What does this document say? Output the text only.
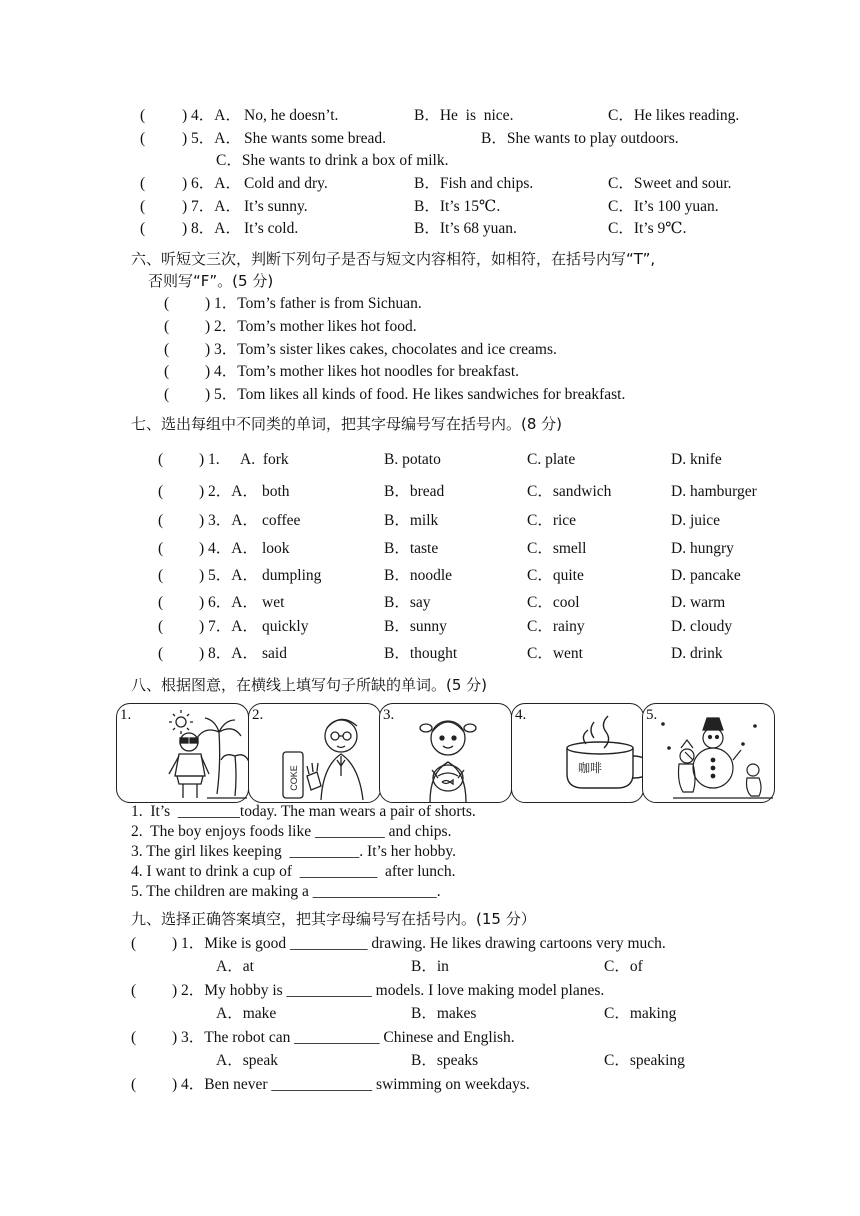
( ) 4．A． No, he doesn’t.	B．He  is  nice.	C．He likes reading.
( ) 5．A． She wants some bread.	B．She wants to play outdoors.
C．She wants to drink a box of milk.
( ) 6．A． Cold and dry.	B．Fish and chips.	C．Sweet and sour.
( ) 7．A． It’s sunny.	B．It’s 15℃.	C．It’s 100 yuan.
( ) 8．A． It’s cold.	B．It’s 68 yuan.	C．It’s 9℃.
六、听短文三次，判断下列句子是否与短文内容相符，如相符，在括号内写“T”,
否则写“F”。(5 分)
( ) 1．Tom’s father is from Sichuan.
( ) 2．Tom’s mother likes hot food.
( ) 3．Tom’s sister likes cakes, chocolates and ice creams.
( ) 4．Tom’s mother likes hot noodles for breakfast.
( ) 5．Tom likes all kinds of food. He likes sandwiches for breakfast.
七、选出每组中不同类的单词，把其字母编号写在括号内。(8 分)
( ) 1. A.  fork	B. potato	C. plate	D. knife
( ) 2．A． both	B．bread	C．sandwich	D. hamburger
( ) 3．A． coffee	B．milk	C．rice	D. juice
( ) 4．A． look	B．taste	C．smell	D. hungry
( ) 5．A． dumpling	B．noodle	C．quite	D. pancake
( ) 6．A． wet	B．say	C．cool	D. warm
( ) 7．A． quickly	B．sunny	C．rainy	D. cloudy
( ) 8．A． said	B．thought	C．went	D. drink
八、根据图意，在横线上填写句子所缺的单词。(5 分)
1.	2.
COKE
3.	4.
咖啡
5.
1.  It’s  ________today. The man wears a pair of shorts.
2.  The boy enjoys foods like _________ and chips.
3. The girl likes keeping  _________. It’s her hobby.
4. I want to drink a cup of  __________  after lunch.
5. The children are making a ________________.
九、选择正确答案填空，把其字母编号写在括号内。(15 分）
( ) 1．Mike is good __________ drawing. He likes drawing cartoons very much.
A．at	B．in	C．of
( ) 2．My hobby is ___________ models. I love making model planes.
A．make	B．makes	C．making
( ) 3．The robot can ___________ Chinese and English.
A．speak	B．speaks	C．speaking
( ) 4．Ben never _____________ swimming on weekdays.
